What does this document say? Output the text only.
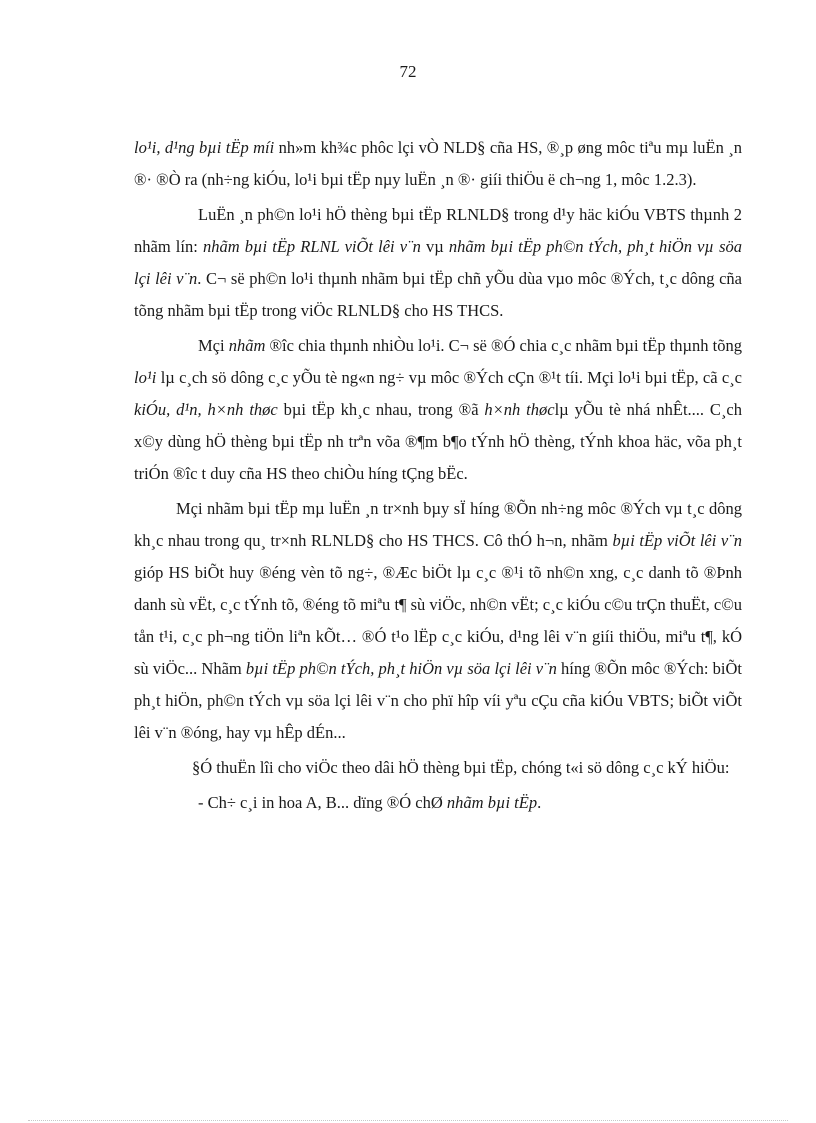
72

lo¹i, d¹ng bµi tËp míi nh»m kh¾c phôc lçi vÒ NLD§ cña HS, ®¸p øng môc tiªu mµ luËn ¸n ®· ®Ò ra (nh÷ng kiÓu, lo¹i bµi tËp nµy luËn ¸n ®· giíi thiÖu ë ch¬ng 1, môc 1.2.3).

LuËn ¸n ph©n lo¹i hÖ thèng bµi tËp RLNLD§ trong d¹y häc kiÓu VBTS thµnh 2 nhãm lín: nhãm bµi tËp RLNL viÕt lêi v¨n vµ nhãm bµi tËp ph©n tÝch, ph¸t hiÖn vµ söa lçi lêi v¨n. C¬ së ph©n lo¹i thµnh nhãm bµi tËp chñ yÕu dùa vµo môc ®Ých, t¸c dông cña tõng nhãm bµi tËp trong viÖc RLNLD§ cho HS THCS.

Mçi nhãm ®îc chia thµnh nhiÒu lo¹i. C¬ së ®Ó chia c¸c nhãm bµi tËp thµnh tõng lo¹i lµ c¸ch sö dông c¸c yÕu tè ng«n ng÷ vµ môc ®Ých cÇn ®¹t tíi. Mçi lo¹i bµi tËp, cã c¸c kiÓu, d¹n, h×nh thøc bµi tËp kh¸c nhau, trong ®ã h×nh thøclµ yÕu tè nhá nhÊt.... C¸ch x©y dùng hÖ thèng bµi tËp nh trªn võa ®¶m b¶o tÝnh hÖ thèng, tÝnh khoa häc, võa ph¸t triÓn ®îc t duy cña HS theo chiÒu híng tÇng bËc.

Mçi nhãm bµi tËp mµ luËn ¸n tr×nh bµy sÏ híng ®Õn nh÷ng môc ®Ých vµ t¸c dông kh¸c nhau trong qu¸ tr×nh RLNLD§ cho HS THCS. Cô thÓ h¬n, nhãm bµi tËp viÕt lêi v¨n gióp HS biÕt huy ®éng vèn tõ ng÷, ®Æc biÖt lµ c¸c ®¹i tõ nh©n xng, c¸c danh tõ ®Þnh danh sù vËt, c¸c tÝnh tõ, ®éng tõ miªu t¶ sù viÖc, nh©n vËt; c¸c kiÓu c©u trÇn thuËt, c©u tån t¹i, c¸c ph¬ng tiÖn liªn kÕt… ®Ó t¹o lËp c¸c kiÓu, d¹ng lêi v¨n giíi thiÖu, miªu t¶, kÓ sù viÖc... Nhãm bµi tËp ph©n tÝch, ph¸t hiÖn vµ söa lçi lêi v¨n híng ®Õn môc ®Ých: biÕt ph¸t hiÖn, ph©n tÝch vµ söa lçi lêi v¨n cho phï hîp víi yªu cÇu cña kiÓu VBTS; biÕt viÕt lêi v¨n ®óng, hay vµ hÊp dÉn...

§Ó thuËn lîi cho viÖc theo dâi hÖ thèng bµi tËp, chóng t«i sö dông c¸c kÝ hiÖu:

- Ch÷ c¸i in hoa A, B... dïng ®Ó chØ nhãm bµi tËp.
